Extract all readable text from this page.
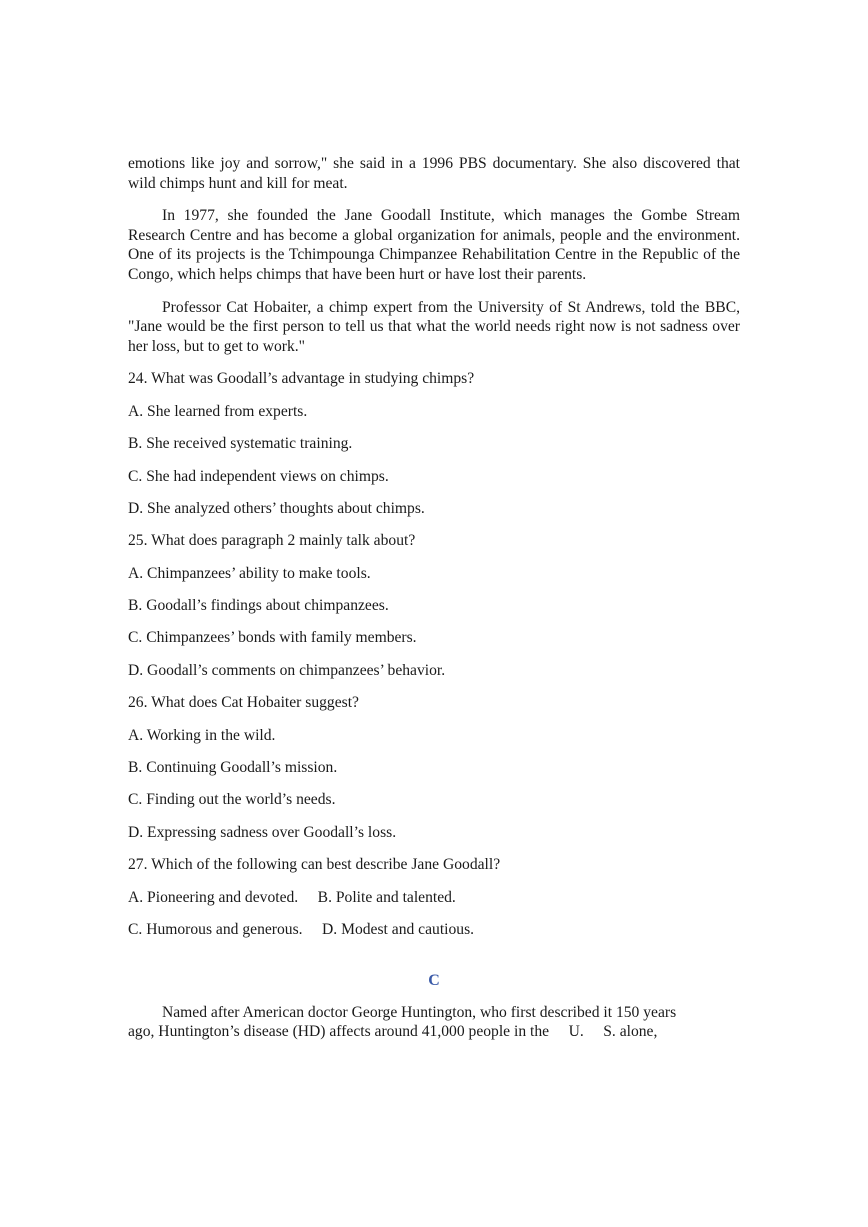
emotions like joy and sorrow," she said in a 1996 PBS documentary. She also discovered that wild chimps hunt and kill for meat.

In 1977, she founded the Jane Goodall Institute, which manages the Gombe Stream Research Centre and has become a global organization for animals, people and the environment. One of its projects is the Tchimpounga Chimpanzee Rehabilitation Centre in the Republic of the Congo, which helps chimps that have been hurt or have lost their parents.

Professor Cat Hobaiter, a chimp expert from the University of St Andrews, told the BBC, "Jane would be the first person to tell us that what the world needs right now is not sadness over her loss, but to get to work."

24. What was Goodall’s advantage in studying chimps?

A. She learned from experts.

B. She received systematic training.

C. She had independent views on chimps.

D. She analyzed others’ thoughts about chimps.

25. What does paragraph 2 mainly talk about?

A. Chimpanzees’ ability to make tools.

B. Goodall’s findings about chimpanzees.

C. Chimpanzees’ bonds with family members.

D. Goodall’s comments on chimpanzees’ behavior.

26. What does Cat Hobaiter suggest?

A. Working in the wild.

B. Continuing Goodall’s mission.

C. Finding out the world’s needs.

D. Expressing sadness over Goodall’s loss.

27. Which of the following can best describe Jane Goodall?

A. Pioneering and devoted.     B. Polite and talented.

C. Humorous and generous.     D. Modest and cautious.

C
Named after American doctor George Huntington, who first described it 150 years
ago, Huntington’s disease (HD) affects around 41,000 people in the     U.     S. alone,
